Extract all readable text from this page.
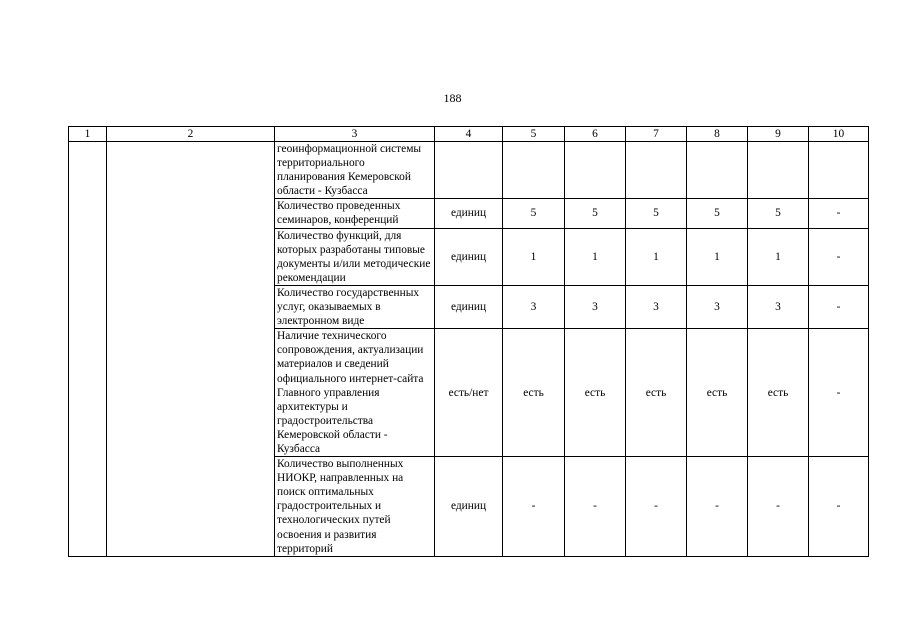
188
1	2	3	4	5	6	7	8	9	10
		геоинформационной системы территориального планирования Кемеровской области - Кузбасса							
		Количество проведенных семинаров, конференций	единиц	5	5	5	5	5	-
		Количество функций, для которых разработаны типовые документы и/или методические рекомендации	единиц	1	1	1	1	1	-
		Количество государственных услуг, оказываемых в электронном виде	единиц	3	3	3	3	3	-
		Наличие технического сопровождения, актуализации материалов и сведений официального интернет-сайта Главного управления архитектуры и градостроительства Кемеровской области - Кузбасса	есть/нет	есть	есть	есть	есть	есть	-
		Количество выполненных НИОКР, направленных на поиск оптимальных градостроительных и технологических путей освоения и развития территорий	единиц	-	-	-	-	-	-
